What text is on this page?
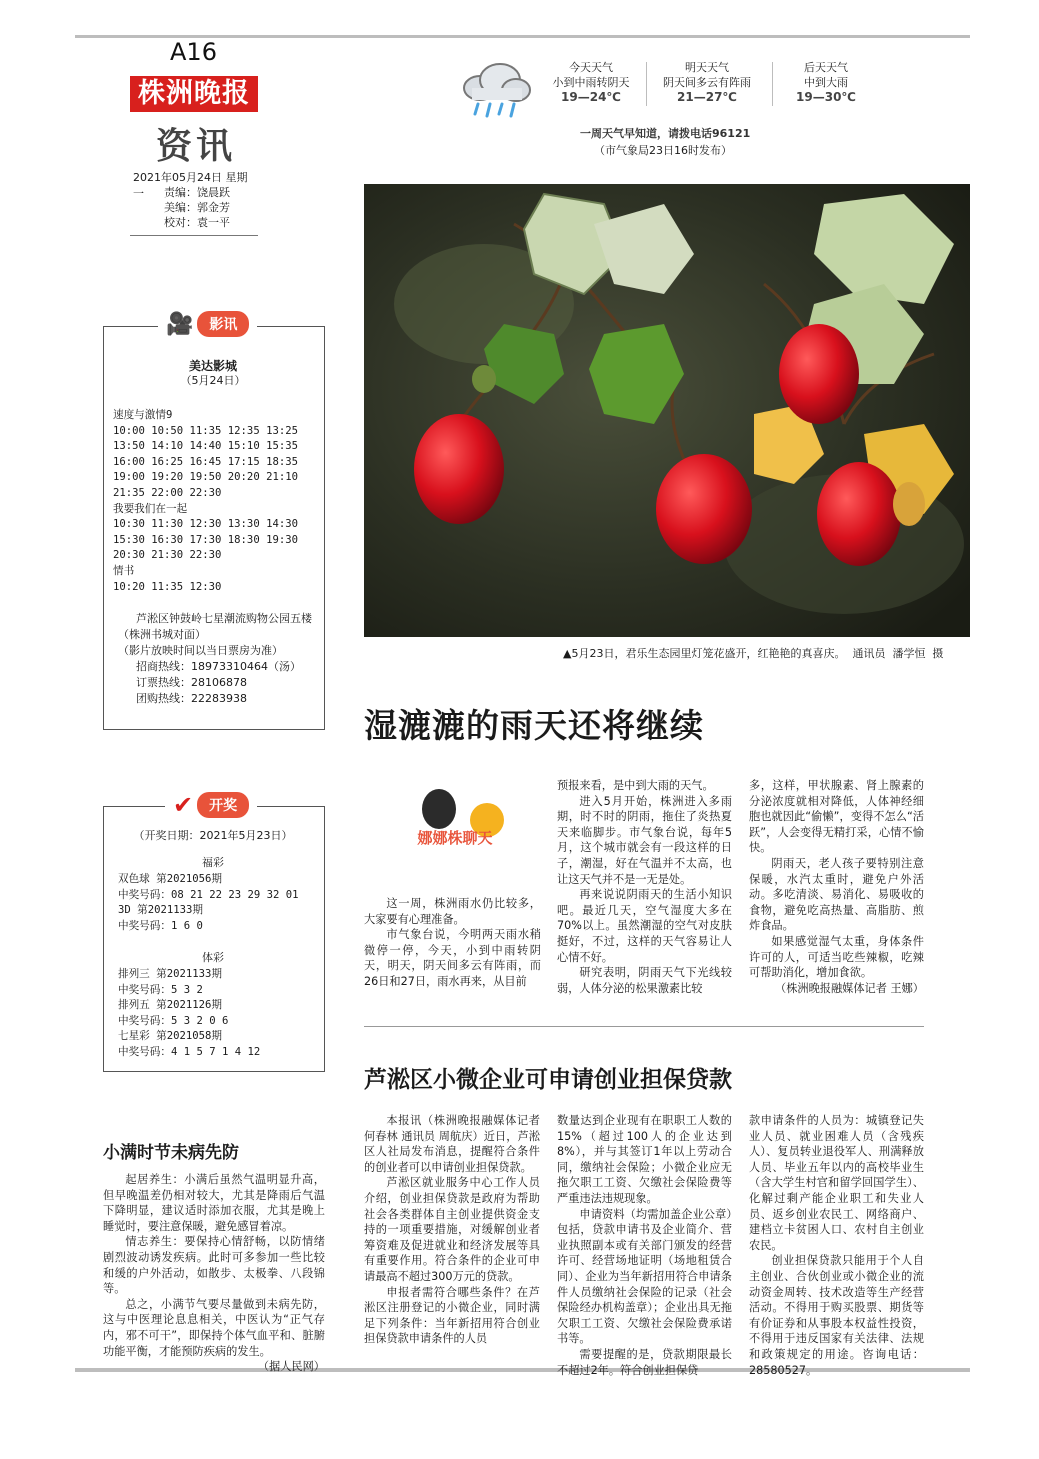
A16
株洲晚报
资讯
2021年05月24日 星期一	责编：饶晨跃
美编：郭金芳
校对：袁一平
今天天气
小到中雨转阴天
19—24℃
明天天气
阴天间多云有阵雨
21—27℃
后天天气
中到大雨
19—30℃
一周天气早知道，请拨电话96121
（市气象局23日16时发布）
▲5月23日，君乐生态园里灯笼花盛开，红艳艳的真喜庆。  通讯员  潘学恒  摄
🎥	影讯
美达影城
（5月24日）
速度与激情9
10:00 10:50 11:35 12:35 13:25
13:50 14:10 14:40 15:10 15:35
16:00 16:25 16:45 17:15 18:35
19:00 19:20 19:50 20:20 21:10
21:35 22:00 22:30
我要我们在一起
10:30 11:30 12:30 13:30 14:30
15:30 16:30 17:30 18:30 19:30
20:30 21:30 22:30
情书
10:20 11:35 12:30
芦淞区钟鼓岭七星潮流购物公园五楼（株洲书城对面）
（影片放映时间以当日票房为准）
招商热线：18973310464（汤）
订票热线：28106878
团购热线：22283938
✔	开奖
（开奖日期：2021年5月23日）
福彩
双色球 第2021056期
中奖号码：08 21 22 23 29 32 01
3D 第2021133期
中奖号码：1 6 0
体彩
排列三 第2021133期
中奖号码：5 3 2
排列五 第2021126期
中奖号码：5 3 2 0 6
七星彩 第2021058期
中奖号码：4 1 5 7 1 4 12
小满时节未病先防

起居养生：小满后虽然气温明显升高，但早晚温差仍相对较大，尤其是降雨后气温下降明显，建议适时添加衣服，尤其是晚上睡觉时，要注意保暖，避免感冒着凉。

情志养生：要保持心情舒畅，以防情绪剧烈波动诱发疾病。此时可多参加一些比较和缓的户外活动，如散步、太极拳、八段锦等。

总之，小满节气要尽量做到未病先防，这与中医理论息息相关，中医认为“正气存内，邪不可干”，即保持个体气血平和、脏腑功能平衡，才能预防疾病的发生。

（据人民网）
湿漉漉的雨天还将继续
娜娜株聊天

这一周，株洲雨水仍比较多，大家要有心理准备。

市气象台说，今明两天雨水稍微停一停，今天，小到中雨转阴天，明天，阴天间多云有阵雨，而26日和27日，雨水再来，从目前

预报来看，是中到大雨的天气。

进入5月开始，株洲进入多雨期，时不时的阴雨，拖住了炎热夏天来临脚步。市气象台说，每年5月，这个城市就会有一段这样的日子，潮湿，好在气温并不太高，也让这天气并不是一无是处。

再来说说阴雨天的生活小知识吧。最近几天，空气湿度大多在70%以上。虽然潮湿的空气对皮肤挺好，不过，这样的天气容易让人心情不好。

研究表明，阴雨天气下光线较弱，人体分泌的松果激素比较

多，这样，甲状腺素、肾上腺素的分泌浓度就相对降低，人体神经细胞也就因此“偷懒”，变得不怎么“活跃”，人会变得无精打采，心情不愉快。

阴雨天，老人孩子要特别注意保暖，水汽太重时，避免户外活动。多吃清淡、易消化、易吸收的食物，避免吃高热量、高脂肪、煎炸食品。

如果感觉湿气太重，身体条件许可的人，可适当吃些辣椒，吃辣可帮助消化，增加食欲。

（株洲晚报融媒体记者 王娜）
芦淞区小微企业可申请创业担保贷款

本报讯（株洲晚报融媒体记者何春林 通讯员 周航庆）近日，芦淞区人社局发布消息，提醒符合条件的创业者可以申请创业担保贷款。

芦淞区就业服务中心工作人员介绍，创业担保贷款是政府为帮助社会各类群体自主创业提供资金支持的一项重要措施，对缓解创业者筹资难及促进就业和经济发展等具有重要作用。符合条件的企业可申请最高不超过300万元的贷款。

申报者需符合哪些条件？在芦淞区注册登记的小微企业，同时满足下列条件：当年新招用符合创业担保贷款申请条件的人员

数量达到企业现有在职职工人数的15%（超过100人的企业达到8%），并与其签订1年以上劳动合同，缴纳社会保险；小微企业应无拖欠职工工资、欠缴社会保险费等严重违法违规现象。

申请资料（均需加盖企业公章）包括，贷款申请书及企业简介、营业执照副本或有关部门颁发的经营许可、经营场地证明（场地租赁合同）、企业为当年新招用符合申请条件人员缴纳社会保险的记录（社会保险经办机构盖章）；企业出具无拖欠职工工资、欠缴社会保险费承诺书等。

需要提醒的是，贷款期限最长不超过2年。符合创业担保贷

款申请条件的人员为：城镇登记失业人员、就业困难人员（含残疾人）、复员转业退役军人、刑满释放人员、毕业五年以内的高校毕业生（含大学生村官和留学回国学生）、化解过剩产能企业职工和失业人员、返乡创业农民工、网络商户、建档立卡贫困人口、农村自主创业农民。

创业担保贷款只能用于个人自主创业、合伙创业或小微企业的流动资金周转、技术改造等生产经营活动。不得用于购买股票、期货等有价证券和从事股本权益性投资，不得用于违反国家有关法律、法规和政策规定的用途。咨询电话：28580527。
